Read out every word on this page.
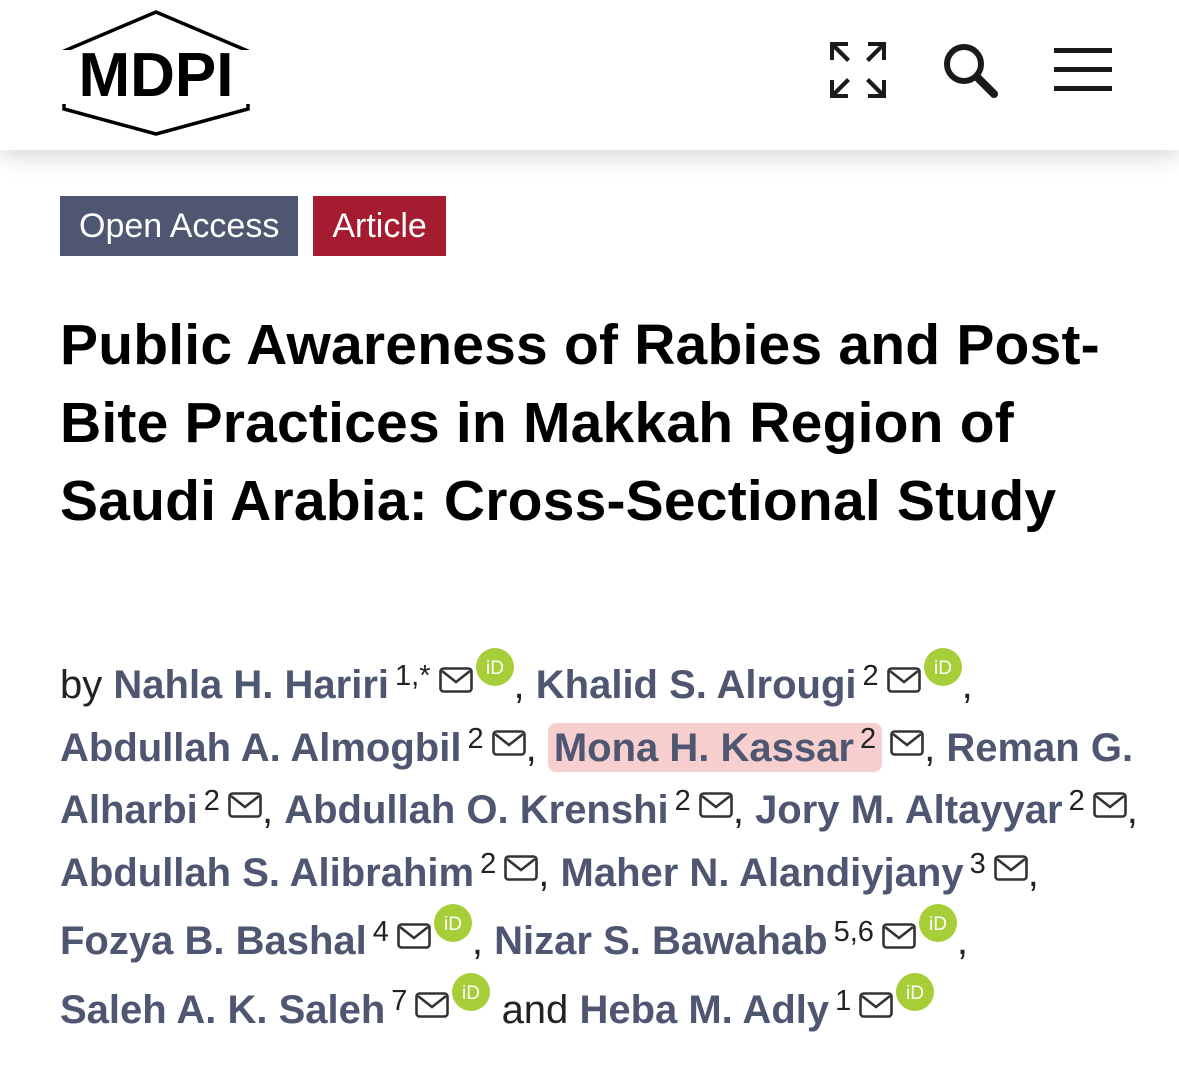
MDPI
Open Access	Article
Public Awareness of Rabies and Post-Bite Practices in Makkah Region of Saudi Arabia: Cross-Sectional Study
by Nahla H. Hariri $^{1,*}$	iD , Khalid S. Alrougi $^2$	iD ,
Abdullah A. Almogbil $^2$ , Mona H. Kassar $^2$ , Reman G. Alharbi $^2$ , Abdullah O. Krenshi $^2$ , Jory M. Altayyar $^2$ , Abdullah S. Alibrahim $^2$ , Maher N. Alandiyjany $^3$ , Fozya B. Bashal $^4$	iD , Nizar S. Bawahab $^{5,6}$	iD ,
Saleh A. K. Saleh $^7$	iD and Heba M. Adly $^1$	iD
